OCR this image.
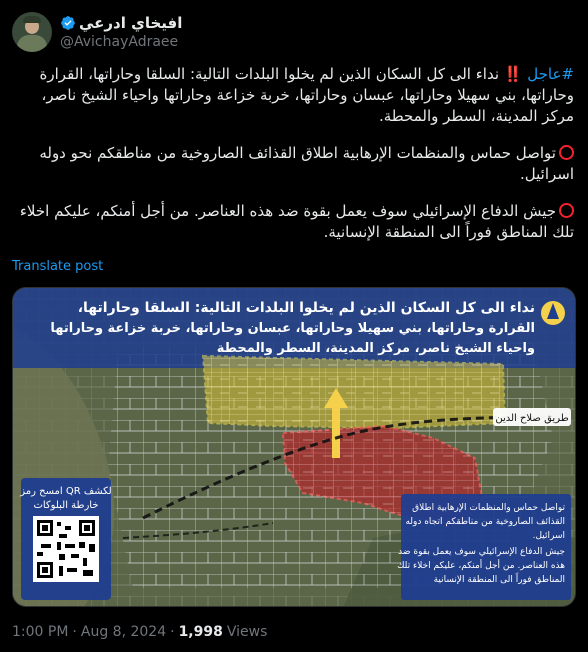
افيخاي ادرعي
@AvichayAdraee

#عاجل ‼️ نداء الى كل السكان الذين لم يخلوا البلدات التالية: السلقا وحاراتها، القرارة وحاراتها، بني سهيلا وحاراتها، عبسان وحاراتها، خربة خزاعة وحاراتها واحياء الشيخ ناصر، مركز المدينة، السطر والمحطة.

تواصل حماس والمنظمات الإرهابية اطلاق القذائف الصاروخية من مناطقكم نحو دوله اسرائيل.

جيش الدفاع الإسرائيلي سوف يعمل بقوة ضد هذه العناصر. من أجل أمنكم، عليكم اخلاء تلك المناطق فوراً الى المنطقة الإنسانية.

Translate post
نداء الى كل السكان الذين لم يخلوا البلدات التالية: السلقا وحاراتها،
القرارة وحاراتها، بني سهيلا وحاراتها، عبسان وحاراتها، خربة خزاعة وحاراتها
واحياء الشيخ ناصر، مركز المدينة، السطر والمحطة
طريق صلاح الدين
امسح رمز QR لكشف
خارطة البلوكات	تواصل حماس والمنظمات الإرهابية اطلاق
القذائف الصاروخية من مناطقكم اتجاه دوله
اسرائيل.
جيش الدفاع الإسرائيلي سوف يعمل بقوة ضد
هذه العناصر. من أجل أمنكم، عليكم اخلاء تلك
المناطق فوراً الى المنطقة الإنسانية
1:00 PM · Aug 8, 2024 · 1,998 Views
